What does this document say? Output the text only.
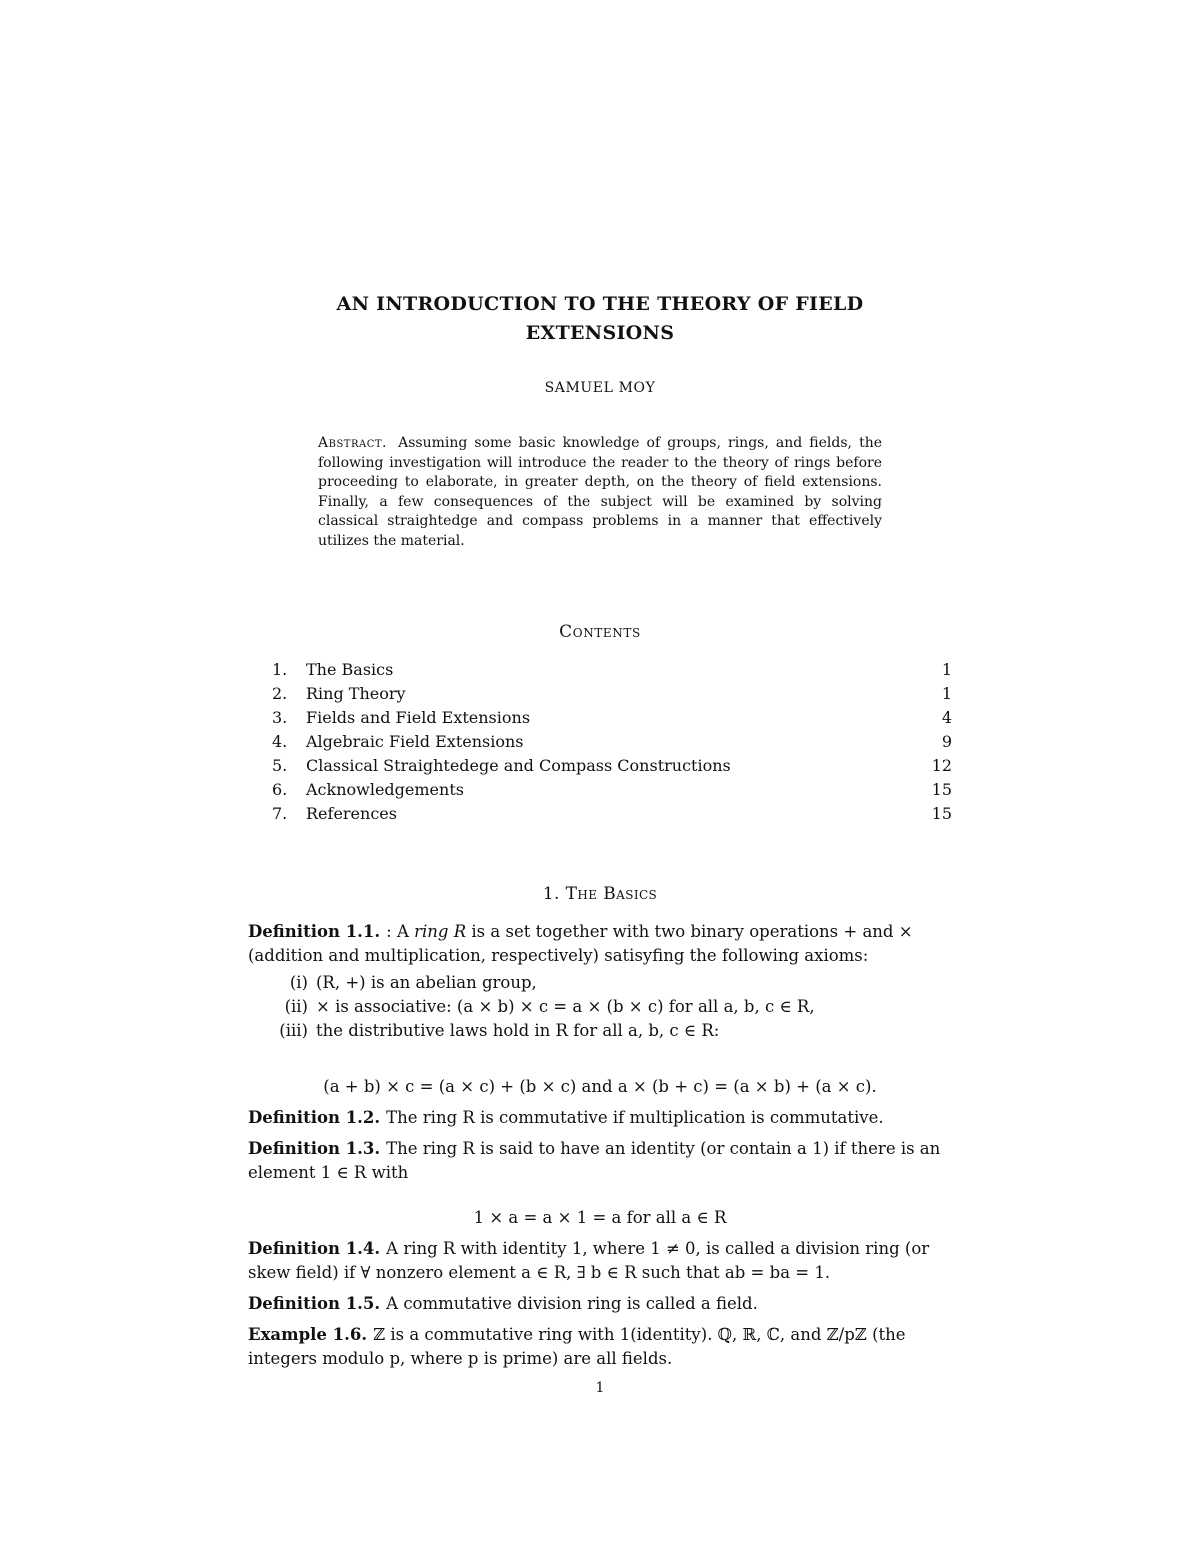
AN INTRODUCTION TO THE THEORY OF FIELD
EXTENSIONS
SAMUEL MOY
Abstract. Assuming some basic knowledge of groups, rings, and fields, the following investigation will introduce the reader to the theory of rings before proceeding to elaborate, in greater depth, on the theory of field extensions. Finally, a few consequences of the subject will be examined by solving classical straightedge and compass problems in a manner that effectively utilizes the material.
Contents
1.	The Basics	1
2.	Ring Theory	1
3.	Fields and Field Extensions	4
4.	Algebraic Field Extensions	9
5.	Classical Straightedege and Compass Constructions	12
6.	Acknowledgements	15
7.	References	15
1. The Basics

Definition 1.1. : A ring R is a set together with two binary operations + and × (addition and multiplication, respectively) satisyfing the following axioms:

(i) (R, +) is an abelian group,
(ii) × is associative: (a × b) × c = a × (b × c) for all a, b, c ∈ R,
(iii) the distributive laws hold in R for all a, b, c ∈ R:
(a + b) × c = (a × c) + (b × c) and a × (b + c) = (a × b) + (a × c).

Definition 1.2. The ring R is commutative if multiplication is commutative.

Definition 1.3. The ring R is said to have an identity (or contain a 1) if there is an element 1 ∈ R with

1 × a = a × 1 = a for all a ∈ R

Definition 1.4. A ring R with identity 1, where 1 ≠ 0, is called a division ring (or skew field) if ∀ nonzero element a ∈ R, ∃ b ∈ R such that ab = ba = 1.

Definition 1.5. A commutative division ring is called a field.

Example 1.6. ℤ is a commutative ring with 1(identity). ℚ, ℝ, ℂ, and ℤ/pℤ (the integers modulo p, where p is prime) are all fields.

1
